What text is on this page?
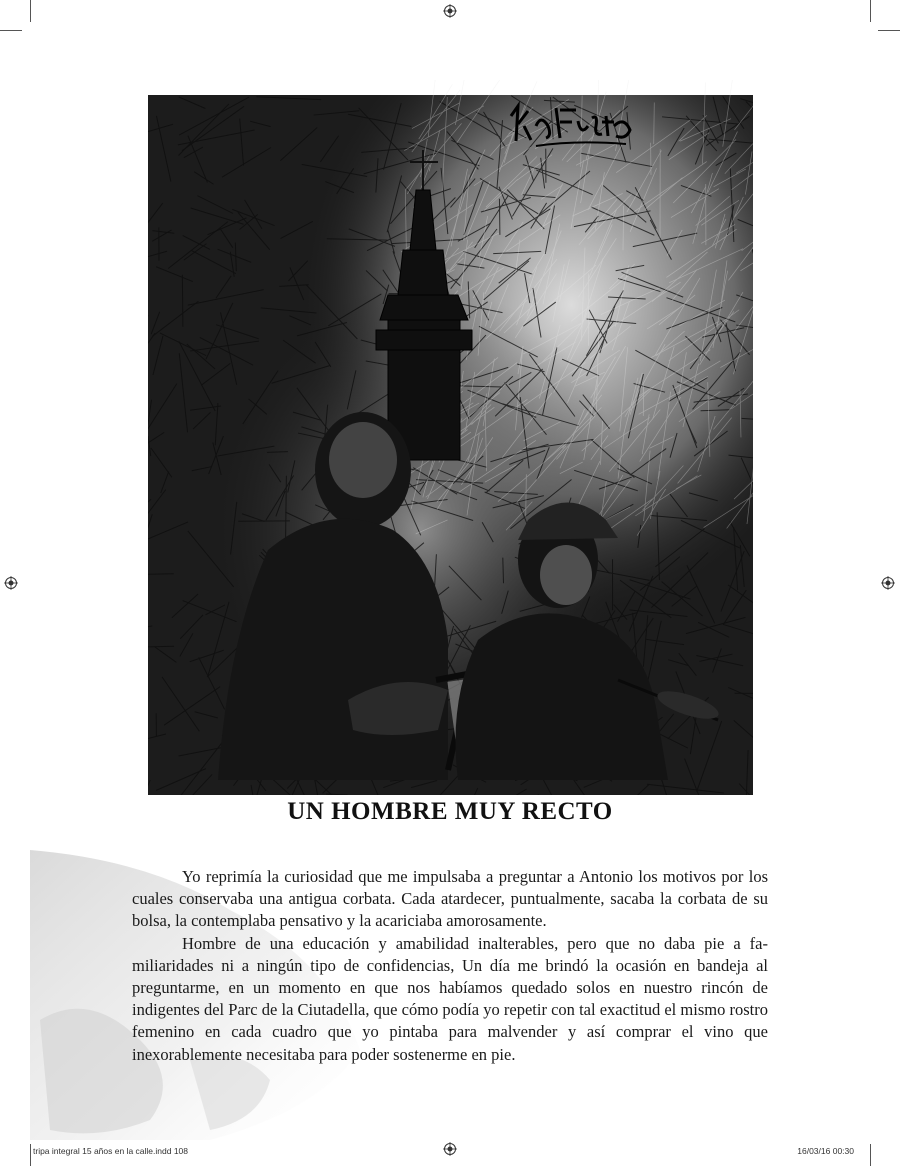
UN HOMBRE MUY RECTO

Yo reprimía la curiosidad que me impulsaba a preguntar a Antonio los motivos por los cuales conservaba una antigua corbata. Cada atardecer, puntualmente, sacaba la corbata de su bolsa, la contemplaba pensativo y la acariciaba amorosamente.

Hombre de una educación y amabilidad inalterables, pero que no daba pie a familiaridades ni a ningún tipo de confidencias, Un día me brindó la ocasión en bandeja al preguntarme, en un momento en que nos habíamos quedado solos en nuestro rincón de indigentes del Parc de la Ciutadella, que cómo podía yo repetir con tal exactitud el mismo rostro femenino en cada cuadro que yo pintaba para malvender y así comprar el vino que inexorablemente necesitaba para poder sostenerme en pie.

tripa integral 15 años en la calle.indd 108	16/03/16 00:30
